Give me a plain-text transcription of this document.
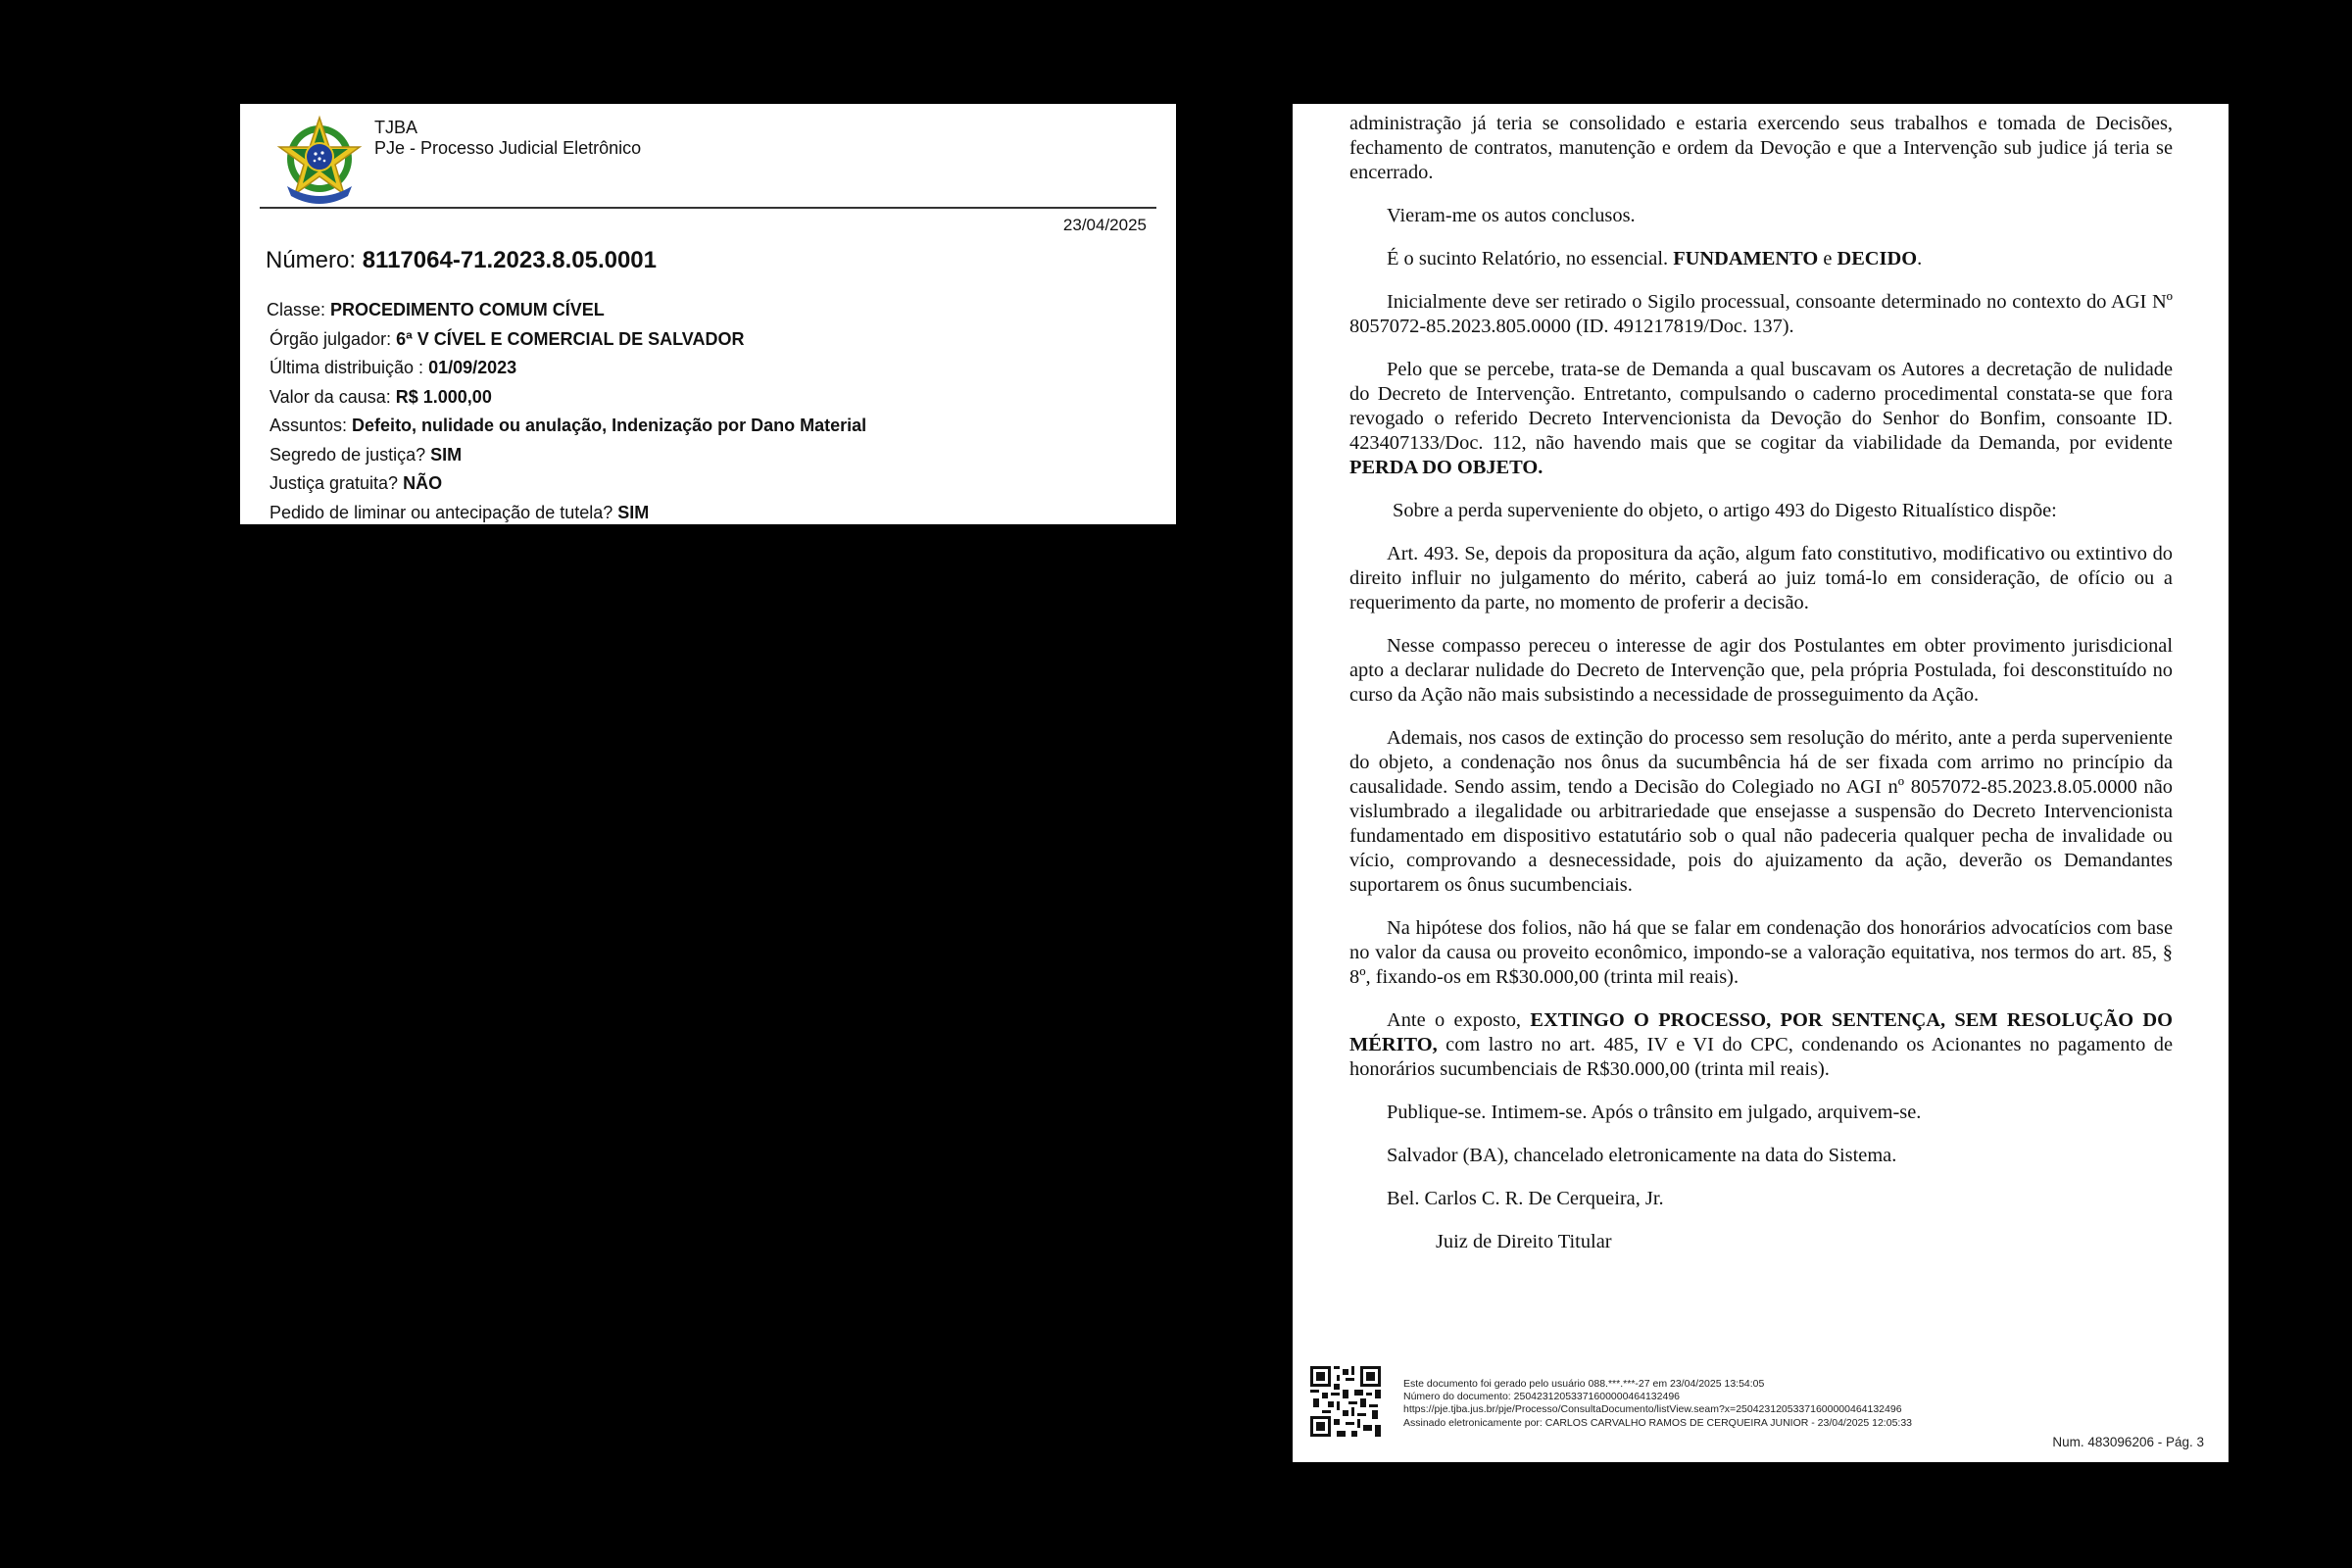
TJBA
PJe - Processo Judicial Eletrônico
23/04/2025
Número: 8117064-71.2023.8.05.0001
Classe: PROCEDIMENTO COMUM CÍVEL
Órgão julgador: 6ª V CÍVEL E COMERCIAL DE SALVADOR
Última distribuição : 01/09/2023
Valor da causa: R$ 1.000,00
Assuntos: Defeito, nulidade ou anulação, Indenização por Dano Material
Segredo de justiça? SIM
Justiça gratuita? NÃO
Pedido de liminar ou antecipação de tutela? SIM

administração já teria se consolidado e estaria exercendo seus trabalhos e tomada de Decisões, fechamento de contratos, manutenção e ordem da Devoção e que a Intervenção sub judice já teria se encerrado.

Vieram-me os autos conclusos.

É o sucinto Relatório, no essencial. FUNDAMENTO e DECIDO.

Inicialmente deve ser retirado o Sigilo processual, consoante determinado no contexto do AGI Nº 8057072-85.2023.805.0000 (ID. 491217819/Doc. 137).

Pelo que se percebe, trata-se de Demanda a qual buscavam os Autores a decretação de nulidade do Decreto de Intervenção. Entretanto, compulsando o caderno procedimental constata-se que fora revogado o referido Decreto Intervencionista da Devoção do Senhor do Bonfim, consoante ID. 423407133/Doc. 112, não havendo mais que se cogitar da viabilidade da Demanda, por evidente PERDA DO OBJETO.

Sobre a perda superveniente do objeto, o artigo 493 do Digesto Ritualístico dispõe:

Art. 493. Se, depois da propositura da ação, algum fato constitutivo, modificativo ou extintivo do direito influir no julgamento do mérito, caberá ao juiz tomá-lo em consideração, de ofício ou a requerimento da parte, no momento de proferir a decisão.

Nesse compasso pereceu o interesse de agir dos Postulantes em obter provimento jurisdicional apto a declarar nulidade do Decreto de Intervenção que, pela própria Postulada, foi desconstituído no curso da Ação não mais subsistindo a necessidade de prosseguimento da Ação.

Ademais, nos casos de extinção do processo sem resolução do mérito, ante a perda superveniente do objeto, a condenação nos ônus da sucumbência há de ser fixada com arrimo no princípio da causalidade. Sendo assim, tendo a Decisão do Colegiado no AGI nº 8057072-85.2023.8.05.0000 não vislumbrado a ilegalidade ou arbitrariedade que ensejasse a suspensão do Decreto Intervencionista fundamentado em dispositivo estatutário sob o qual não padeceria qualquer pecha de invalidade ou vício, comprovando a desnecessidade, pois do ajuizamento da ação, deverão os Demandantes suportarem os ônus sucumbenciais.

Na hipótese dos folios, não há que se falar em condenação dos honorários advocatícios com base no valor da causa ou proveito econômico, impondo-se a valoração equitativa, nos termos do art. 85, § 8º, fixando-os em R$30.000,00 (trinta mil reais).

Ante o exposto, EXTINGO O PROCESSO, POR SENTENÇA, SEM RESOLUÇÃO DO MÉRITO, com lastro no art. 485, IV e VI do CPC, condenando os Acionantes no pagamento de honorários sucumbenciais de R$30.000,00 (trinta mil reais).

Publique-se. Intimem-se. Após o trânsito em julgado, arquivem-se.

Salvador (BA), chancelado eletronicamente na data do Sistema.

Bel. Carlos C. R. De Cerqueira, Jr.

Juiz de Direito Titular

Este documento foi gerado pelo usuário 088.***.***-27 em 23/04/2025 13:54:05
Número do documento: 25042312053371600000464132496
https://pje.tjba.jus.br/pje/Processo/ConsultaDocumento/listView.seam?x=25042312053371600000464132496
Assinado eletronicamente por: CARLOS CARVALHO RAMOS DE CERQUEIRA JUNIOR - 23/04/2025 12:05:33
Num. 483096206 - Pág. 3
